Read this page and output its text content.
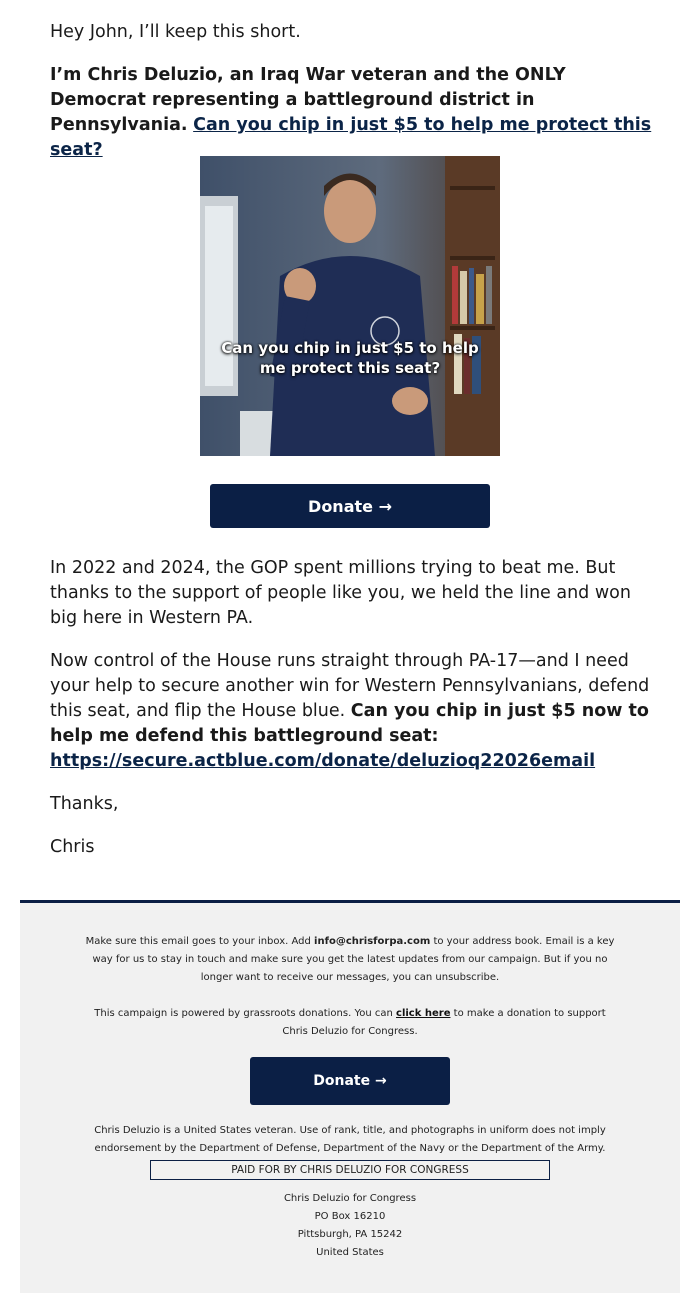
Hey John, I’ll keep this short.

I’m Chris Deluzio, an Iraq War veteran and the ONLY Democrat representing a battleground district in Pennsylvania. Can you chip in just $5 to help me protect this seat?

Can you chip in just $5 to help
me protect this seat?
Donate →

In 2022 and 2024, the GOP spent millions trying to beat me. But thanks to the support of people like you, we held the line and won big here in Western PA.

Now control of the House runs straight through PA-17—and I need your help to secure another win for Western Pennsylvanians, defend this seat, and flip the House blue. Can you chip in just $5 now to help me defend this battleground seat: https://secure.actblue.com/donate/deluzioq22026email

Thanks,

Chris

Make sure this email goes to your inbox. Add info@chrisforpa.com to your address book. Email is a key way for us to stay in touch and make sure you get the latest updates from our campaign. But if you no longer want to receive our messages, you can unsubscribe.

This campaign is powered by grassroots donations. You can click here to make a donation to support Chris Deluzio for Congress.

Donate →

Chris Deluzio is a United States veteran. Use of rank, title, and photographs in uniform does not imply endorsement by the Department of Defense, Department of the Navy or the Department of the Army.

PAID FOR BY CHRIS DELUZIO FOR CONGRESS
Chris Deluzio for Congress
PO Box 16210
Pittsburgh, PA 15242
United States
